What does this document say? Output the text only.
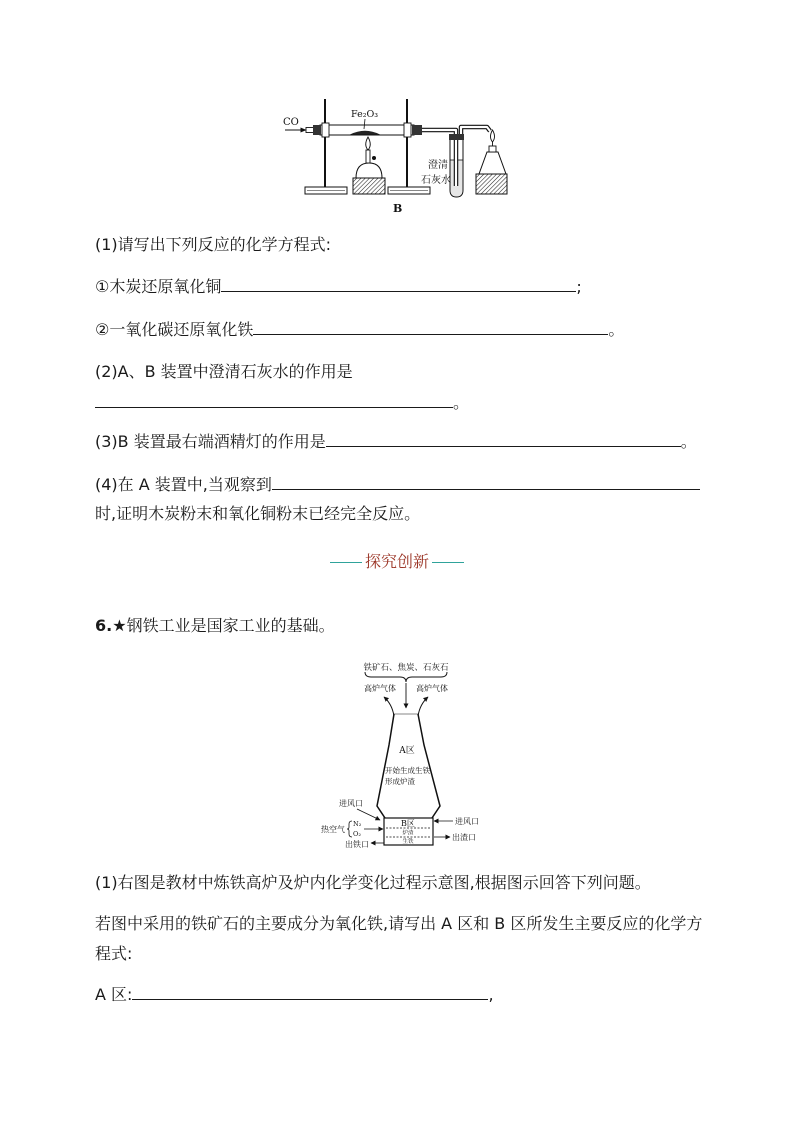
CO
Fe₂O₃
澄清
石灰水
B
(1)请写出下列反应的化学方程式:
①木炭还原氧化铜	;
②一氧化碳还原氧化铁	。
(2)A、B 装置中澄清石灰水的作用是
。
(3)B 装置最右端酒精灯的作用是	。
(4)在 A 装置中,当观察到
时,证明木炭粉末和氧化铜粉末已经完全反应。
探究创新
6.★钢铁工业是国家工业的基础。
铁矿石、焦炭、石灰石
高炉气体	高炉气体
A区
开始生成生铁
形成炉渣
B区
炉渣
生铁
进风口
热空气
N₂
O₂
出铁口
进风口
出渣口
(1)右图是教材中炼铁高炉及炉内化学变化过程示意图,根据图示回答下列问题。
若图中采用的铁矿石的主要成分为氧化铁,请写出 A 区和 B 区所发生主要反应的化学方
程式:
A 区:	,
